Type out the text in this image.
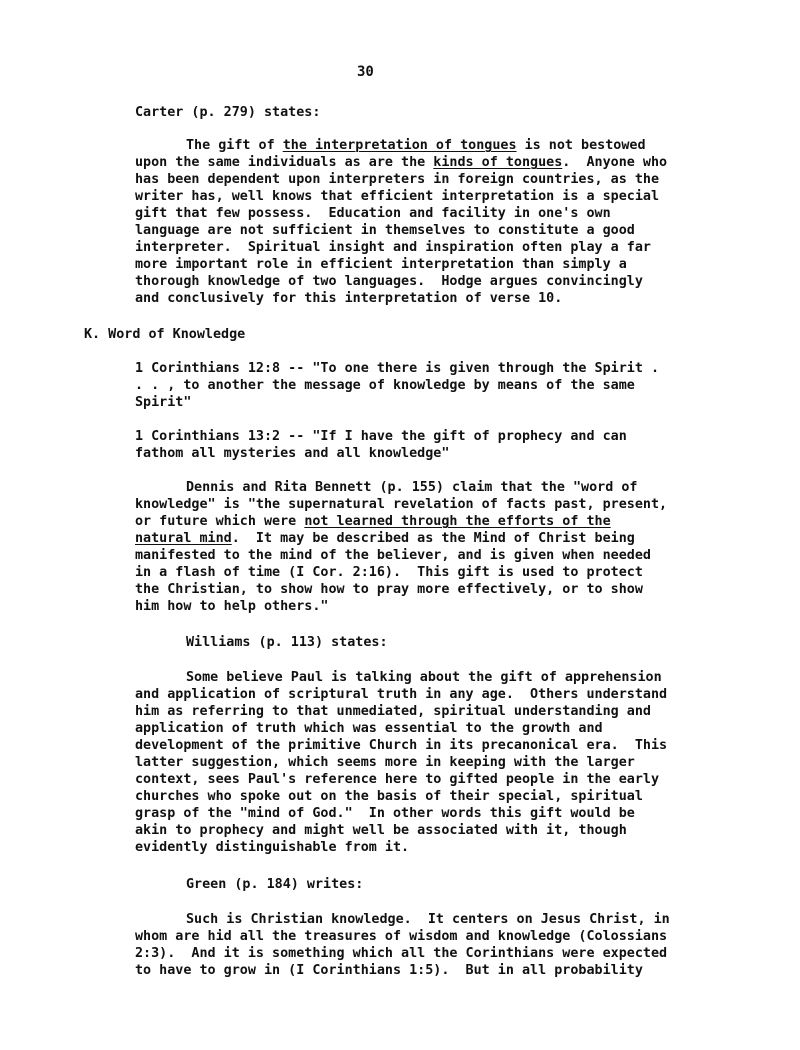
30
Carter (p. 279) states:
The gift of the interpretation of tongues is not bestowed
upon the same individuals as are the kinds of tongues.  Anyone who
has been dependent upon interpreters in foreign countries, as the
writer has, well knows that efficient interpretation is a special
gift that few possess.  Education and facility in one's own
language are not sufficient in themselves to constitute a good
interpreter.  Spiritual insight and inspiration often play a far
more important role in efficient interpretation than simply a
thorough knowledge of two languages.  Hodge argues convincingly
and conclusively for this interpretation of verse 10.
K. Word of Knowledge
1 Corinthians 12:8 -- "To one there is given through the Spirit .
. . , to another the message of knowledge by means of the same
Spirit"
1 Corinthians 13:2 -- "If I have the gift of prophecy and can
fathom all mysteries and all knowledge"
Dennis and Rita Bennett (p. 155) claim that the "word of
knowledge" is "the supernatural revelation of facts past, present,
or future which were not learned through the efforts of the
natural mind.  It may be described as the Mind of Christ being
manifested to the mind of the believer, and is given when needed
in a flash of time (I Cor. 2:16).  This gift is used to protect
the Christian, to show how to pray more effectively, or to show
him how to help others."
Williams (p. 113) states:
Some believe Paul is talking about the gift of apprehension
and application of scriptural truth in any age.  Others understand
him as referring to that unmediated, spiritual understanding and
application of truth which was essential to the growth and
development of the primitive Church in its precanonical era.  This
latter suggestion, which seems more in keeping with the larger
context, sees Paul's reference here to gifted people in the early
churches who spoke out on the basis of their special, spiritual
grasp of the "mind of God."  In other words this gift would be
akin to prophecy and might well be associated with it, though
evidently distinguishable from it.
Green (p. 184) writes:
Such is Christian knowledge.  It centers on Jesus Christ, in
whom are hid all the treasures of wisdom and knowledge (Colossians
2:3).  And it is something which all the Corinthians were expected
to have to grow in (I Corinthians 1:5).  But in all probability
